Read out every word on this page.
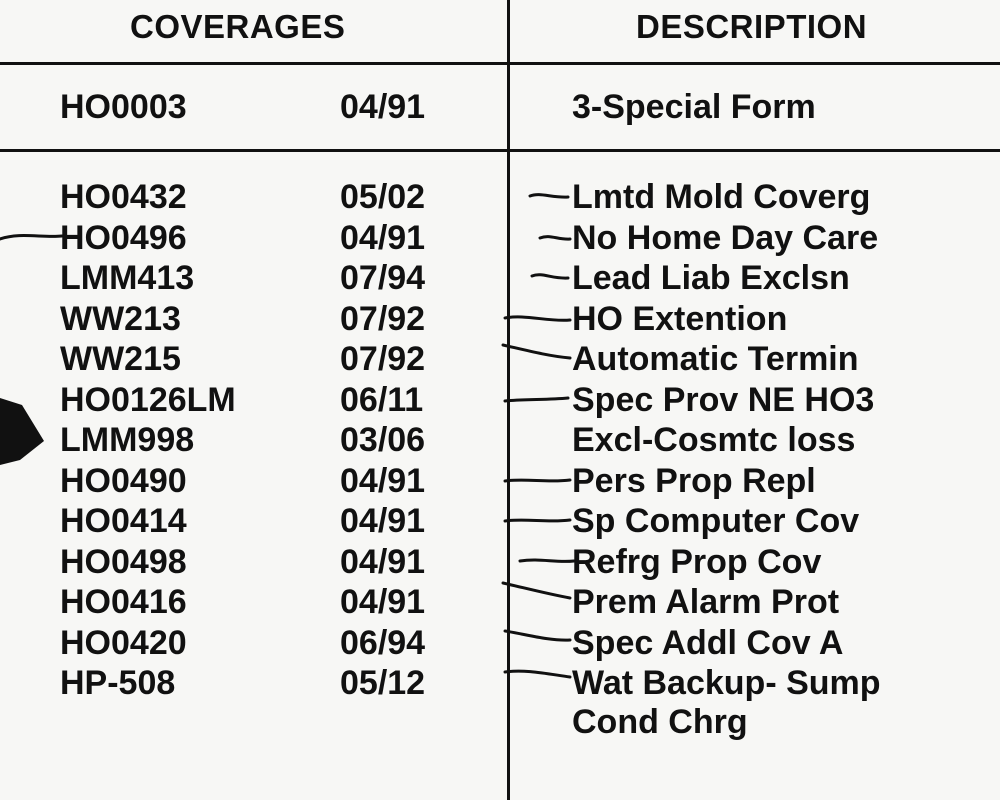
COVERAGES	DESCRIPTION
HO0003	04/91	3-Special Form
HO0432	05/02	Lmtd Mold Coverg
HO0496	04/91	No Home Day Care
LMM413	07/94	Lead Liab Exclsn
WW213	07/92	HO Extention
WW215	07/92	Automatic Termin
HO0126LM	06/11	Spec Prov NE HO3
LMM998	03/06	Excl-Cosmtc loss
HO0490	04/91	Pers Prop Repl
HO0414	04/91	Sp Computer Cov
HO0498	04/91	Refrg Prop Cov
HO0416	04/91	Prem Alarm Prot
HO0420	06/94	Spec Addl Cov A
HP-508	05/12	Wat Backup- Sump
Cond Chrg
